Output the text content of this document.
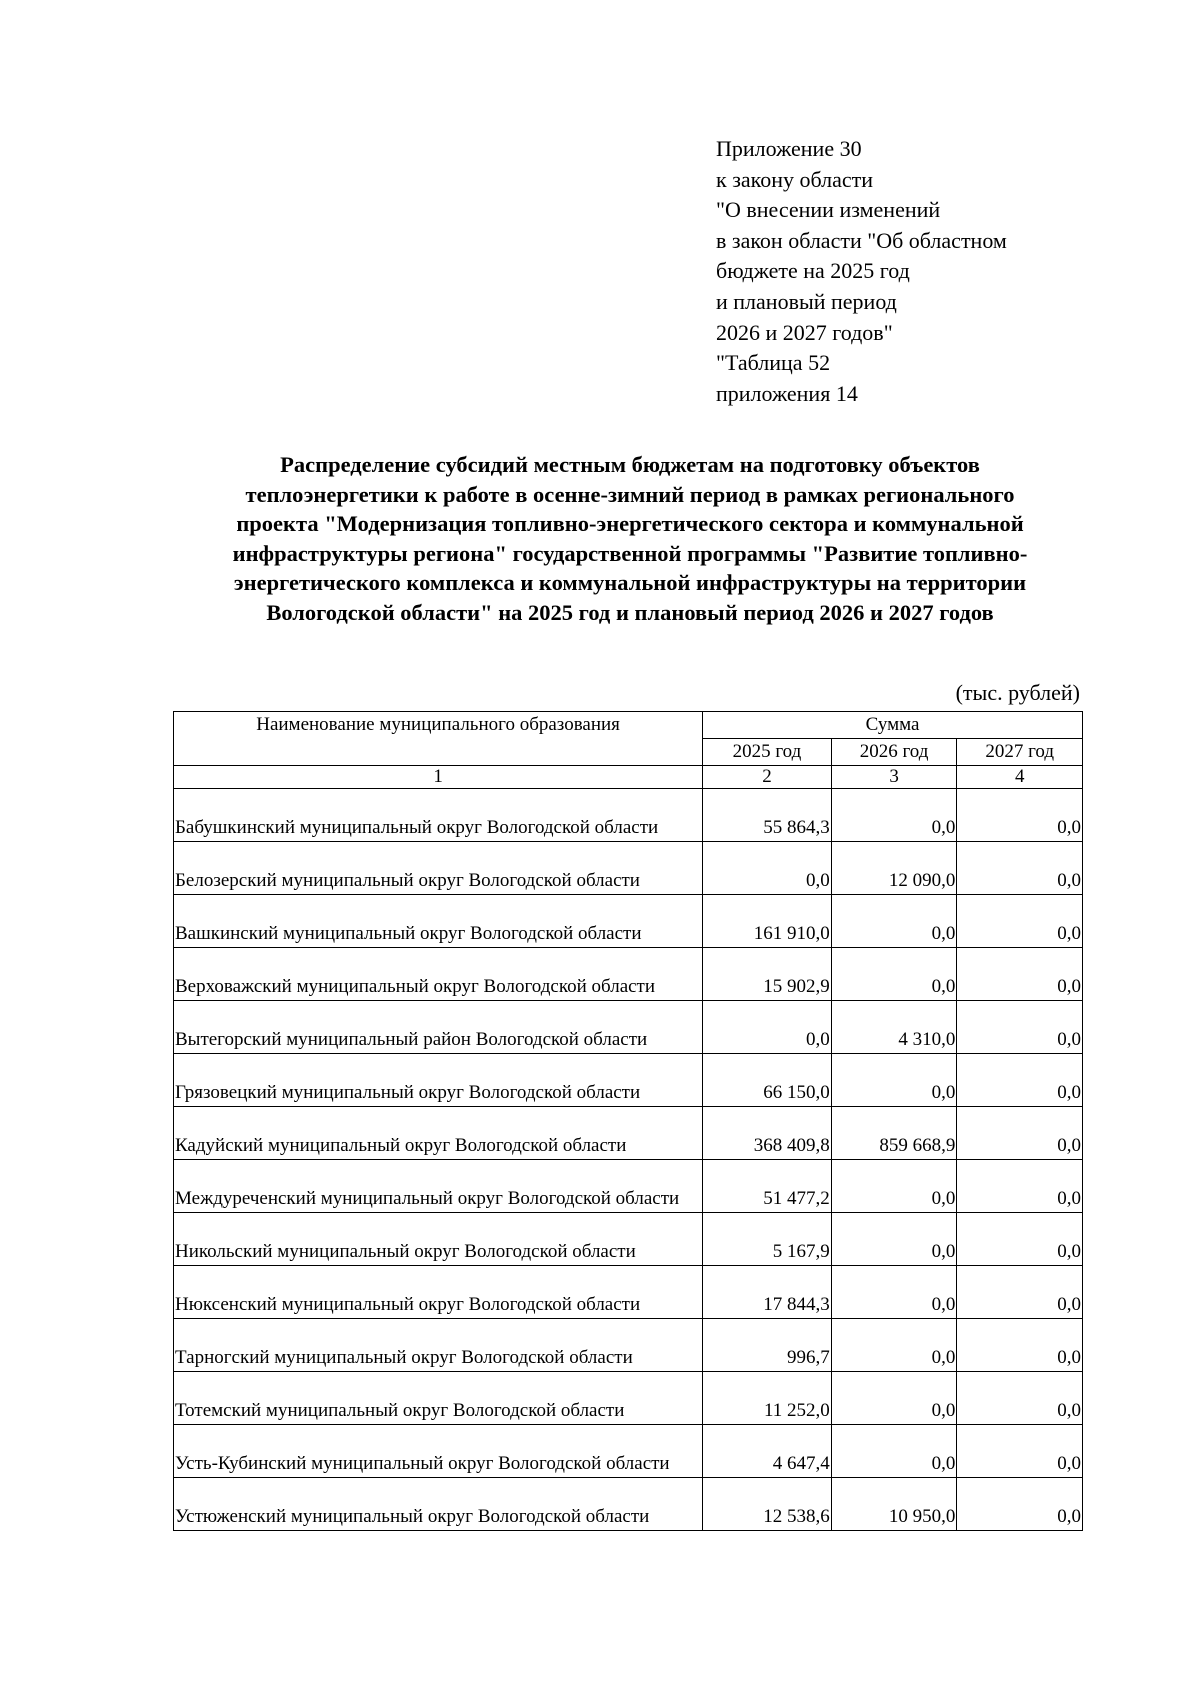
Приложение 30
к закону области
"О внесении изменений
в закон области "Об областном
бюджете на 2025 год
и плановый период
2026 и 2027 годов"
"Таблица 52
приложения 14
Распределение субсидий местным бюджетам на подготовку объектов
теплоэнергетики к работе в осенне-зимний период в рамках регионального
проекта "Модернизация топливно-энергетического сектора и коммунальной
инфраструктуры региона" государственной программы "Развитие топливно-
энергетического комплекса и коммунальной инфраструктуры на территории
Вологодской области" на 2025 год и плановый период 2026 и 2027 годов
(тыс. рублей)
Наименование муниципального образования	Сумма		
	2025 год	2026 год	2027 год
1	2	3	4
Бабушкинский муниципальный округ Вологодской области	55 864,3	0,0	0,0
Белозерский муниципальный округ Вологодской области	0,0	12 090,0	0,0
Вашкинский муниципальный округ Вологодской области	161 910,0	0,0	0,0
Верховажский муниципальный округ Вологодской области	15 902,9	0,0	0,0
Вытегорский муниципальный район Вологодской области	0,0	4 310,0	0,0
Грязовецкий муниципальный округ Вологодской области	66 150,0	0,0	0,0
Кадуйский муниципальный округ Вологодской области	368 409,8	859 668,9	0,0
Междуреченский муниципальный округ Вологодской области	51 477,2	0,0	0,0
Никольский муниципальный округ Вологодской области	5 167,9	0,0	0,0
Нюксенский муниципальный округ Вологодской области	17 844,3	0,0	0,0
Тарногский муниципальный округ Вологодской области	996,7	0,0	0,0
Тотемский муниципальный округ Вологодской области	11 252,0	0,0	0,0
Усть-Кубинский муниципальный округ Вологодской области	4 647,4	0,0	0,0
Устюженский муниципальный округ Вологодской области	12 538,6	10 950,0	0,0
